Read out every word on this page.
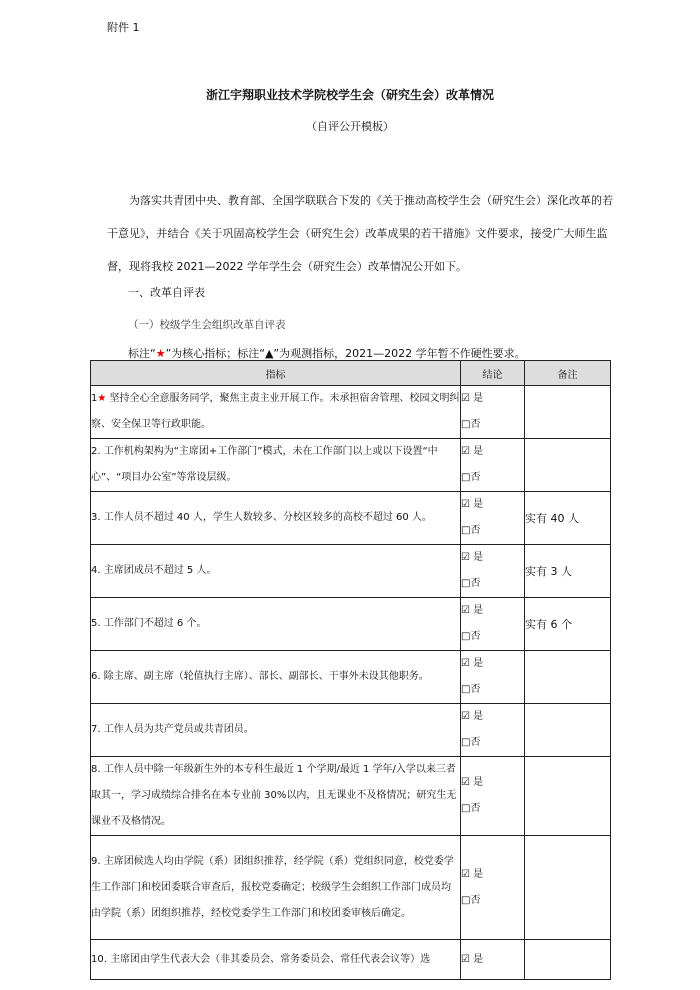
附件 1
浙江宇翔职业技术学院校学生会（研究生会）改革情况
（自评公开模板）
为落实共青团中央、教育部、全国学联联合下发的《关于推动高校学生会（研究生会）深化改革的若干意见》，并结合《关于巩固高校学生会（研究生会）改革成果的若干措施》文件要求，接受广大师生监督，现将我校 2021—2022 学年学生会（研究生会）改革情况公开如下。
一、改革自评表
（一）校级学生会组织改革自评表
标注“★”为核心指标；标注“▲”为观测指标，2021—2022 学年暂不作硬性要求。
指标	结论	备注
1★ 坚持全心全意服务同学，聚焦主责主业开展工作。未承担宿舍管理、校园文明纠察、安全保卫等行政职能。	☑ 是
□否	

2. 工作机构架构为“主席团+工作部门”模式，未在工作部门以上或以下设置“中心”、“项目办公室”等常设层级。	☑ 是
□否	

3. 工作人员不超过 40 人，学生人数较多、分校区较多的高校不超过 60 人。	☑ 是
□否	实有 40 人
4. 主席团成员不超过 5 人。	☑ 是
□否	实有 3 人
5. 工作部门不超过 6 个。	☑ 是
□否	实有 6 个
6. 除主席、副主席（轮值执行主席）、部长、副部长、干事外未设其他职务。	☑ 是
□否	

7. 工作人员为共产党员或共青团员。	☑ 是
□否	

8. 工作人员中除一年级新生外的本专科生最近 1 个学期/最近 1 学年/入学以来三者取其一，学习成绩综合排名在本专业前 30%以内，且无课业不及格情况；研究生无课业不及格情况。	☑ 是
□否	

9. 主席团候选人均由学院（系）团组织推荐，经学院（系）党组织同意，校党委学生工作部门和校团委联合审查后，报校党委确定；校级学生会组织工作部门成员均由学院（系）团组织推荐，经校党委学生工作部门和校团委审核后确定。	☑ 是
□否	

10. 主席团由学生代表大会（非其委员会、常务委员会、常任代表会议等）选	☑ 是	
